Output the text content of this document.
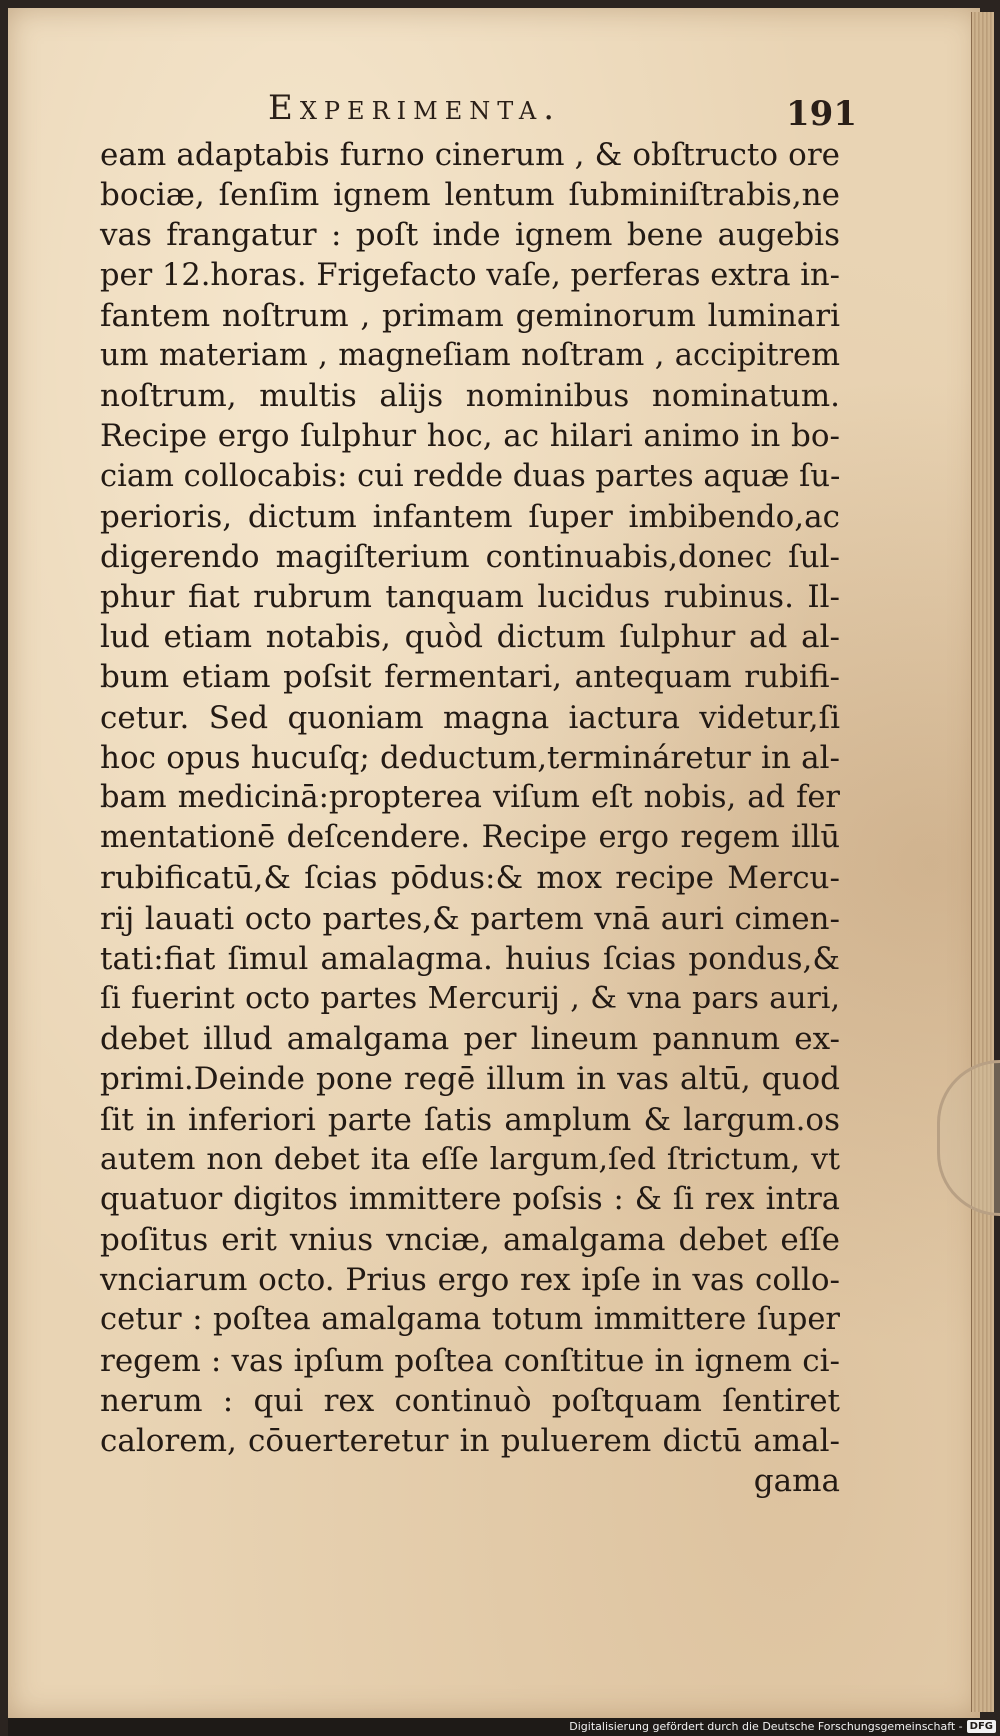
Experimenta.	191
eam adaptabis furno cinerum , & obſtructo ore
bociæ, ſenſim ignem lentum ſubminiſtrabis,ne
vas frangatur : poſt inde ignem bene augebis
per 12.horas. Frigefacto vaſe, perferas extra in-
fantem noſtrum , primam geminorum luminari
um materiam , magneſiam noſtram , accipitrem
noſtrum, multis alijs nominibus nominatum.
Recipe ergo ſulphur hoc, ac hilari animo in bo-
ciam collocabis: cui redde duas partes aquæ ſu-
perioris, dictum infantem ſuper imbibendo,ac
digerendo magiſterium continuabis,donec ſul-
phur fiat rubrum tanquam lucidus rubinus. Il-
lud etiam notabis, quòd dictum ſulphur ad al-
bum etiam poſsit fermentari, antequam rubifi-
cetur. Sed quoniam magna iactura videtur,ſi
hoc opus hucuſq; deductum,termináretur in al-
bam medicinā:propterea viſum eſt nobis, ad fer
mentationē deſcendere. Recipe ergo regem illū
rubificatū,& ſcias pōdus:& mox recipe Mercu-
rij lauati octo partes,& partem vnā auri cimen-
tati:fiat ſimul amalagma. huius ſcias pondus,&
ſi fuerint octo partes Mercurij , & vna pars auri,
debet illud amalgama per lineum pannum ex-
primi.Deinde pone regē illum in vas altū, quod
ſit in inferiori parte ſatis amplum & largum.os
autem non debet ita eſſe largum,ſed ſtrictum, vt
quatuor digitos immittere poſsis : & ſi rex intra
poſitus erit vnius vnciæ, amalgama debet eſſe
vnciarum octo. Prius ergo rex ipſe in vas collo-
cetur : poſtea amalgama totum immittere ſuper
regem : vas ipſum poſtea conſtitue in ignem ci-
nerum : qui rex continuò poſtquam ſentiret
calorem, cōuerteretur in puluerem dictū amal-
gama
Digitalisierung gefördert durch die Deutsche Forschungsgemeinschaft - DFG
